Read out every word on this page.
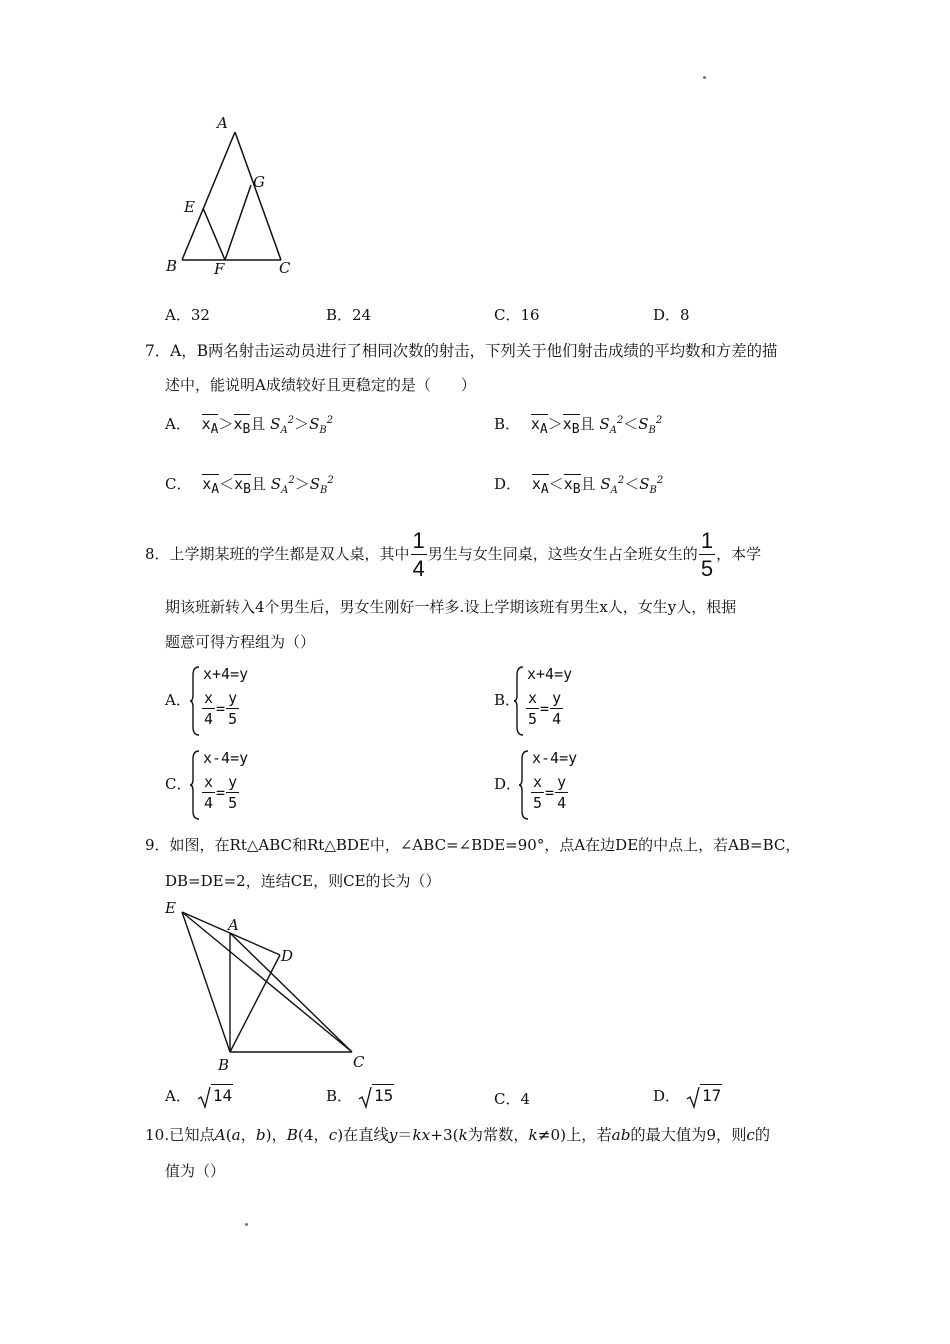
A
G
E
B F	C
A．32	B．24	C．16	D．8
7．A，B两名射击运动员进行了相同次数的射击，下列关于他们射击成绩的平均数和方差的描
述中，能说明A成绩较好且更稳定的是（　　）
A． $x_A>x_B$且 $S_A^2>S_B^2$	B． $x_A>x_B$且 $S_A^2<S_B^2$
C． $x_A<x_B$且 $S_A^2>S_B^2$	D． $x_A<x_B$且 $S_A^2<S_B^2$
8．上学期某班的学生都是双人桌，其中 $\frac{1}{4}$ 男生与女生同桌，这些女生占全班女生的 $\frac{1}{5}$ ，本学
期该班新转入4个男生后，男女生刚好一样多.设上学期该班有男生x人，女生y人，根据
题意可得方程组为（）
A．
x+4=y
$\frac{x}{4} = \frac{y}{5}$	B．
x+4=y
$\frac{x}{5} = \frac{y}{4}$
C．
x-4=y
$\frac{x}{4} = \frac{y}{5}$	D．
x-4=y
$\frac{x}{5} = \frac{y}{4}$
9．如图，在Rt△ABC和Rt△BDE中，∠ABC=∠BDE=90°，点A在边DE的中点上，若AB=BC，
DB=DE=2，连结CE，则CE的长为（）
E
A
D
B	C
A． 14	B． 15	C．4	D． 17
10.已知点A(a，b)，B(4，c)在直线y＝kx+3(k为常数，k≠0)上，若ab的最大值为9，则c的
值为（）
